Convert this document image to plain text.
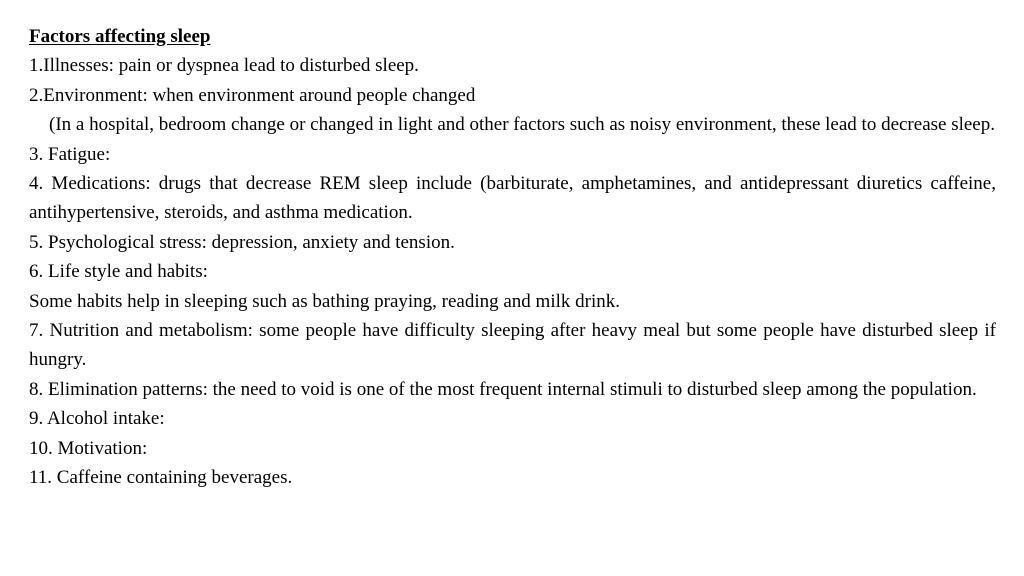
Factors affecting sleep

1.Illnesses: pain or dyspnea lead to disturbed sleep.

2.Environment: when environment around people changed

(In a hospital, bedroom change or changed in light and other factors such as noisy environment, these lead to decrease sleep.

3. Fatigue:

4. Medications: drugs that decrease REM sleep include (barbiturate, amphetamines, and antidepressant diuretics caffeine, antihypertensive, steroids, and asthma medication.

5. Psychological stress: depression, anxiety and tension.

6. Life style and habits:

Some habits help in sleeping such as bathing praying, reading and milk drink.

7. Nutrition and metabolism: some people have difficulty sleeping after heavy meal but some people have disturbed sleep if hungry.

8. Elimination patterns: the need to void is one of the most frequent internal stimuli to disturbed sleep among the population.

9. Alcohol intake:

10. Motivation:

11. Caffeine containing beverages.
